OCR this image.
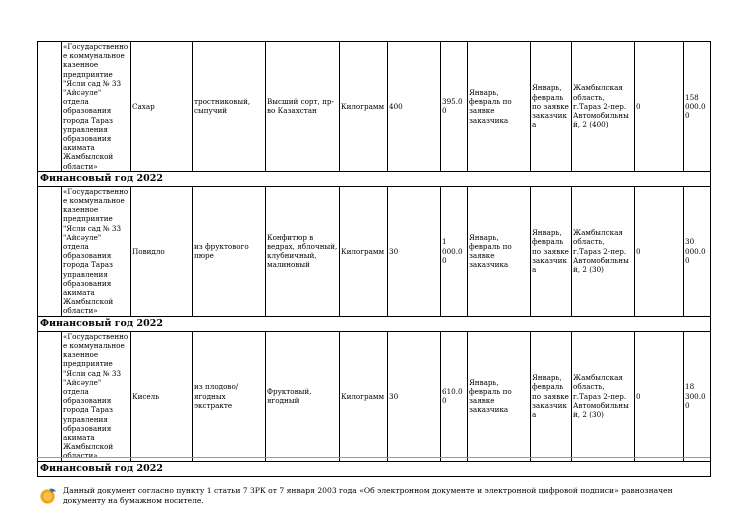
	«Государственное коммунальное казенное предприятие "Ясли сад № 33 "Айсәуле" отдела образования города Тараз управления образования акимата Жамбылской области»	Сахар	тростниковый, сыпучий	Высший сорт, пр-во Казахстан	Килограмм	400	395.00	Январь, февраль по заявке заказчика	Январь, февраль по заявке заказчика	Жамбылская область, г.Тараз 2-пер. Автомобильный, 2 (400)	0	158 000.00
Финансовый год 2022												
	«Государственное коммунальное казенное предприятие "Ясли сад № 33 "Айсәуле" отдела образования города Тараз управления образования акимата Жамбылской области»	Повидло	из фруктового пюре	Конфитюр в ведрах, яблочный, клубничный, малиновый	Килограмм	30	1 000.00	Январь, февраль по заявке заказчика	Январь, февраль по заявке заказчика	Жамбылская область, г.Тараз 2-пер. Автомобильный, 2 (30)	0	30 000.00
Финансовый год 2022												
	«Государственное коммунальное казенное предприятие "Ясли сад № 33 "Айсәуле" отдела образования города Тараз управления образования акимата Жамбылской области»	Кисель	из плодово/ ягодных экстракте	Фруктовый, ягодный	Килограмм	30	610.00	Январь, февраль по заявке заказчика	Январь, февраль по заявке заказчика	Жамбылская область, г.Тараз 2-пер. Автомобильный, 2 (30)	0	18 300.00
Финансовый год 2022												
Данный документ согласно пункту 1 статьи 7 ЗРК от 7 января 2003 года «Об электронном документе и электронной цифровой подписи» равнозначен документу на бумажном носителе.
